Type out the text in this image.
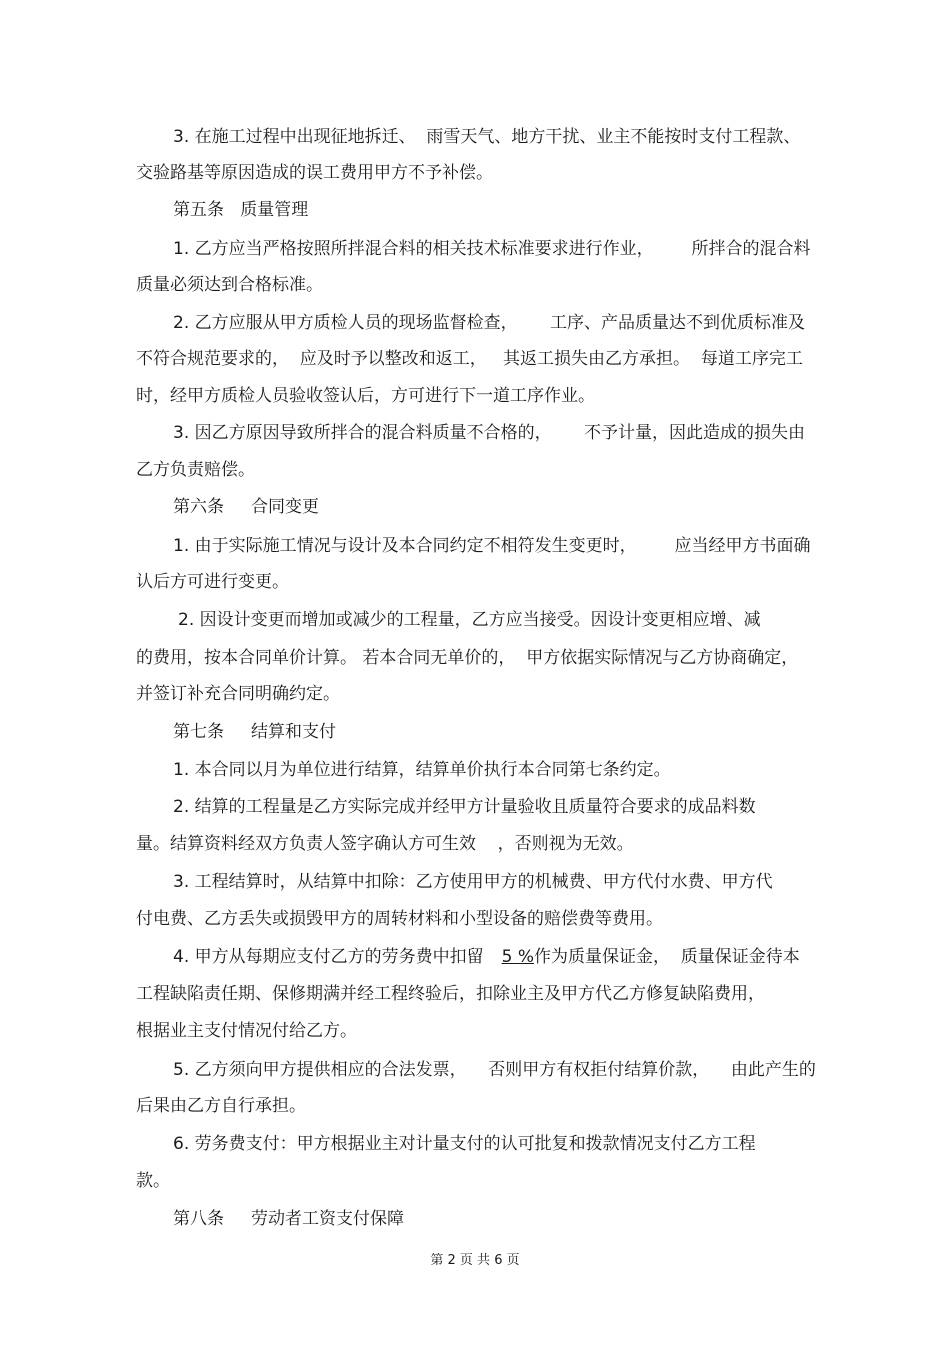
3. 在施工过程中出现征地拆迁、  雨雪天气、地方干扰、业主不能按时支付工程款、
交验路基等原因造成的误工费用甲方不予补偿。
第五条   质量管理
1. 乙方应当严格按照所拌混合料的相关技术标准要求进行作业，       所拌合的混合料
质量必须达到合格标准。
2. 乙方应服从甲方质检人员的现场监督检查，      工序、产品质量达不到优质标准及
不符合规范要求的，  应及时予以整改和返工，   其返工损失由乙方承担。  每道工序完工
时，经甲方质检人员验收签认后，方可进行下一道工序作业。
3. 因乙方原因导致所拌合的混合料质量不合格的，      不予计量，因此造成的损失由
乙方负责赔偿。
第六条     合同变更
1. 由于实际施工情况与设计及本合同约定不相符发生变更时，       应当经甲方书面确
认后方可进行变更。
2. 因设计变更而增加或减少的工程量，乙方应当接受。因设计变更相应增、减
的费用，按本合同单价计算。 若本合同无单价的，  甲方依据实际情况与乙方协商确定，
并签订补充合同明确约定。
第七条     结算和支付
1. 本合同以月为单位进行结算，结算单价执行本合同第七条约定。
2. 结算的工程量是乙方实际完成并经甲方计量验收且质量符合要求的成品料数
量。结算资料经双方负责人签字确认方可生效    ，否则视为无效。
3. 工程结算时，从结算中扣除：乙方使用甲方的机械费、甲方代付水费、甲方代
付电费、乙方丢失或损毁甲方的周转材料和小型设备的赔偿费等费用。
4. 甲方从每期应支付乙方的劳务费中扣留 5 %作为质量保证金，  质量保证金待本
工程缺陷责任期、保修期满并经工程终验后，扣除业主及甲方代乙方修复缺陷费用，
根据业主支付情况付给乙方。
5. 乙方须向甲方提供相应的合法发票，    否则甲方有权拒付结算价款，    由此产生的
后果由乙方自行承担。
6. 劳务费支付：甲方根据业主对计量支付的认可批复和拨款情况支付乙方工程
款。
第八条     劳动者工资支付保障
第 2 页 共 6 页
